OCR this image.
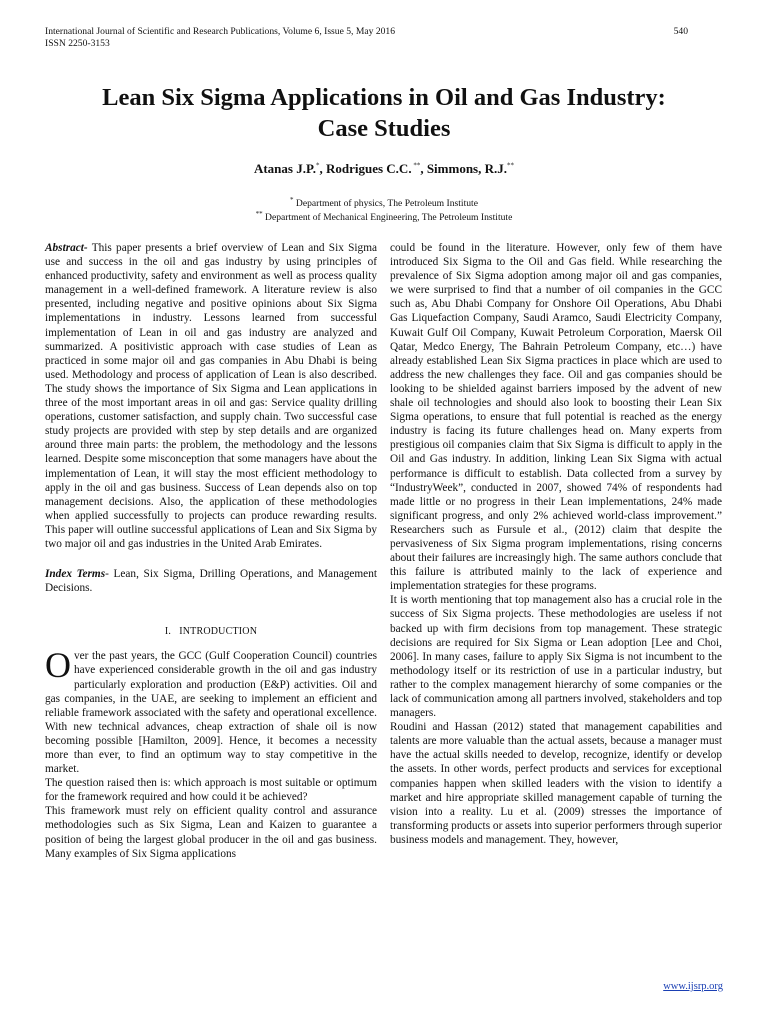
International Journal of Scientific and Research Publications, Volume 6, Issue 5, May 2016
ISSN 2250-3153
540
Lean Six Sigma Applications in Oil and Gas Industry:
Case Studies
Atanas J.P.*, Rodrigues C.C. **, Simmons, R.J.**
* Department of physics, The Petroleum Institute
** Department of Mechanical Engineering, The Petroleum Institute

Abstract- This paper presents a brief overview of Lean and Six Sigma use and success in the oil and gas industry by using principles of enhanced productivity, safety and environment as well as process quality management in a well-defined framework. A literature review is also presented, including negative and positive opinions about Six Sigma implementations in industry. Lessons learned from successful implementation of Lean in oil and gas industry are analyzed and summarized. A positivistic approach with case studies of Lean as practiced in some major oil and gas companies in Abu Dhabi is being used. Methodology and process of application of Lean is also described. The study shows the importance of Six Sigma and Lean applications in three of the most important areas in oil and gas: Service quality drilling operations, customer satisfaction, and supply chain. Two successful case study projects are provided with step by step details and are organized around three main parts: the problem, the methodology and the lessons learned. Despite some misconception that some managers have about the implementation of Lean, it will stay the most efficient methodology to apply in the oil and gas business. Success of Lean depends also on top management decisions. Also, the application of these methodologies when applied successfully to projects can produce rewarding results. This paper will outline successful applications of Lean and Six Sigma by two major oil and gas industries in the United Arab Emirates.

Index Terms- Lean, Six Sigma, Drilling Operations, and Management Decisions.

I. INTRODUCTION

Over the past years, the GCC (Gulf Cooperation Council) countries have experienced considerable growth in the oil and gas industry particularly exploration and production (E&P) activities. Oil and gas companies, in the UAE, are seeking to implement an efficient and reliable framework associated with the safety and operational excellence. With new technical advances, cheap extraction of shale oil is now becoming possible [Hamilton, 2009]. Hence, it becomes a necessity more than ever, to find an optimum way to stay competitive in the market.

The question raised then is: which approach is most suitable or optimum for the framework required and how could it be achieved?

This framework must rely on efficient quality control and assurance methodologies such as Six Sigma, Lean and Kaizen to guarantee a position of being the largest global producer in the oil and gas business. Many examples of Six Sigma applications

could be found in the literature. However, only few of them have introduced Six Sigma to the Oil and Gas field. While researching the prevalence of Six Sigma adoption among major oil and gas companies, we were surprised to find that a number of oil companies in the GCC such as, Abu Dhabi Company for Onshore Oil Operations, Abu Dhabi Gas Liquefaction Company, Saudi Aramco, Saudi Electricity Company, Kuwait Gulf Oil Company, Kuwait Petroleum Corporation, Maersk Oil Qatar, Medco Energy, The Bahrain Petroleum Company, etc…) have already established Lean Six Sigma practices in place which are used to address the new challenges they face. Oil and gas companies should be looking to be shielded against barriers imposed by the advent of new shale oil technologies and should also look to boosting their Lean Six Sigma operations, to ensure that full potential is reached as the energy industry is facing its future challenges head on. Many experts from prestigious oil companies claim that Six Sigma is difficult to apply in the Oil and Gas industry. In addition, linking Lean Six Sigma with actual performance is difficult to establish. Data collected from a survey by “IndustryWeek”, conducted in 2007, showed 74% of respondents had made little or no progress in their Lean implementations, 24% made significant progress, and only 2% achieved world-class improvement.” Researchers such as Fursule et al., (2012) claim that despite the pervasiveness of Six Sigma program implementations, rising concerns about their failures are increasingly high. The same authors conclude that this failure is attributed mainly to the lack of experience and implementation strategies for these programs.

It is worth mentioning that top management also has a crucial role in the success of Six Sigma projects. These methodologies are useless if not backed up with firm decisions from top management. These strategic decisions are required for Six Sigma or Lean adoption [Lee and Choi, 2006]. In many cases, failure to apply Six Sigma is not incumbent to the methodology itself or its restriction of use in a particular industry, but rather to the complex management hierarchy of some companies or the lack of communication among all partners involved, stakeholders and top managers.

Roudini and Hassan (2012) stated that management capabilities and talents are more valuable than the actual assets, because a manager must have the actual skills needed to develop, recognize, identify or develop the assets. In other words, perfect products and services for exceptional companies happen when skilled leaders with the vision to identify a market and hire appropriate skilled management capable of turning the vision into a reality. Lu et al. (2009) stresses the importance of transforming products or assets into superior performers through superior business models and management. They, however,

www.ijsrp.org
